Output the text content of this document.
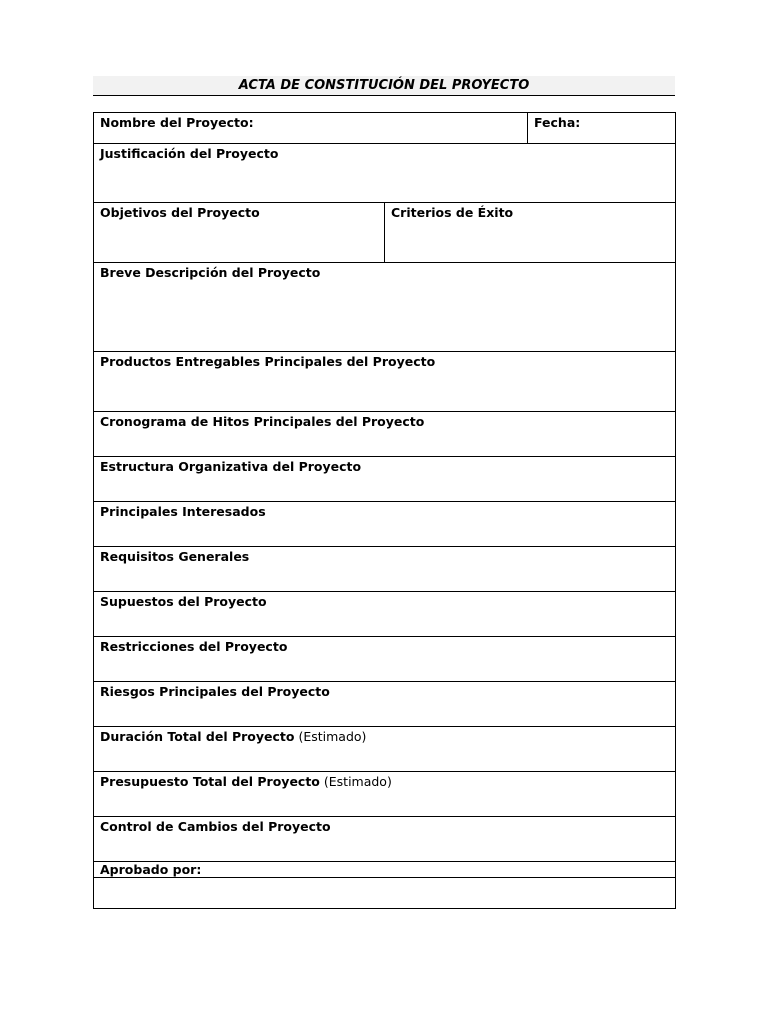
ACTA DE CONSTITUCIÓN DEL PROYECTO
Nombre del Proyecto:		Fecha:
Justificación del Proyecto		
Objetivos del Proyecto	Criterios de Éxito	
Breve Descripción del Proyecto		
Productos Entregables Principales del Proyecto		
Cronograma de Hitos Principales del Proyecto		
Estructura Organizativa del Proyecto		
Principales Interesados		
Requisitos Generales		
Supuestos del Proyecto		
Restricciones del Proyecto		
Riesgos Principales del Proyecto		
Duración Total del Proyecto (Estimado)		
Presupuesto Total del Proyecto (Estimado)		
Control de Cambios del Proyecto		
Aprobado por:		
